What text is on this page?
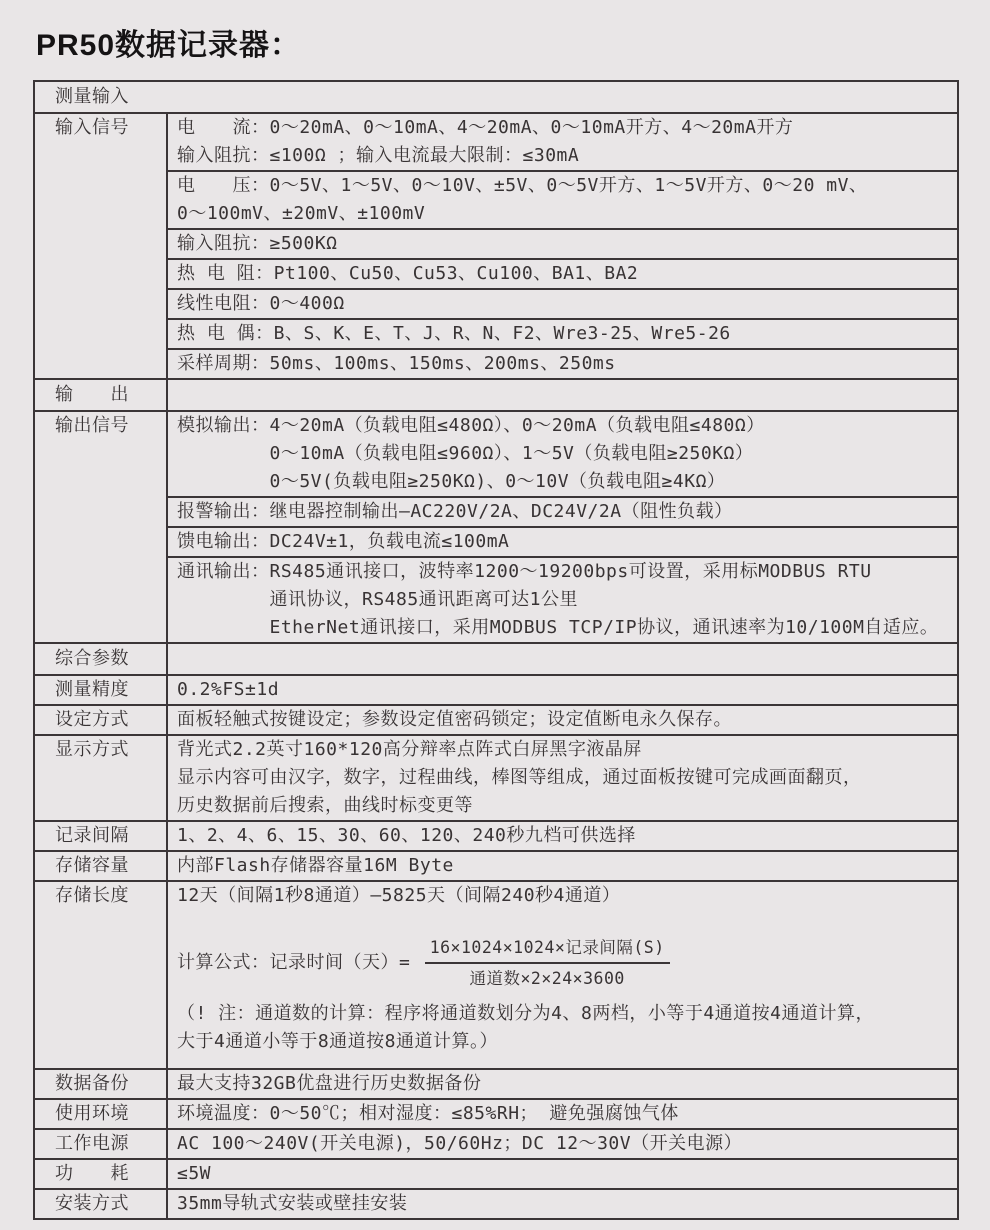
PR50数据记录器：
测量输入
输入信号	电　　流：0～20mA、0～10mA、4～20mA、0～10mA开方、4～20mA开方
输入阻抗：≤100Ω ；输入电流最大限制：≤30mA
电　　压：0～5V、1～5V、0～10V、±5V、0～5V开方、1～5V开方、0～20 mV、
0～100mV、±20mV、±100mV
输入阻抗：≥500KΩ
热 电 阻：Pt100、Cu50、Cu53、Cu100、BA1、BA2
线性电阻：0～400Ω
热 电 偶：B、S、K、E、T、J、R、N、F2、Wre3-25、Wre5-26
采样周期：50ms、100ms、150ms、200ms、250ms
输　　出
输出信号	模拟输出：4～20mA（负载电阻≤480Ω）、0～20mA（负载电阻≤480Ω）
　　　　　0～10mA（负载电阻≤960Ω）、1～5V（负载电阻≥250KΩ）
　　　　　0～5V(负载电阻≥250KΩ)、0～10V（负载电阻≥4KΩ）
报警输出：继电器控制输出—AC220V/2A、DC24V/2A（阻性负载）
馈电输出：DC24V±1，负载电流≤100mA
通讯输出：RS485通讯接口，波特率1200～19200bps可设置，采用标MODBUS RTU
　　　　　通讯协议，RS485通讯距离可达1公里
　　　　　EtherNet通讯接口，采用MODBUS TCP/IP协议，通讯速率为10/100M自适应。
综合参数
测量精度	0.2%FS±1d
设定方式	面板轻触式按键设定；参数设定值密码锁定；设定值断电永久保存。
显示方式	背光式2.2英寸160*120高分辩率点阵式白屏黑字液晶屏
显示内容可由汉字，数字，过程曲线，棒图等组成，通过面板按键可完成画面翻页，
历史数据前后搜索，曲线时标变更等
记录间隔	1、2、4、6、15、30、60、120、240秒九档可供选择
存储容量	内部Flash存储器容量16M Byte
存储长度	12天（间隔1秒8通道）—5825天（间隔240秒4通道）
计算公式：记录时间（天）= $\frac{\text{16×1024×1024×记录间隔(S)}}{\text{通道数×2×24×3600}}$
（! 注：通道数的计算：程序将通道数划分为4、8两档，小等于4通道按4通道计算，
大于4通道小等于8通道按8通道计算。）
数据备份	最大支持32GB优盘进行历史数据备份
使用环境	环境温度：0～50℃；相对湿度：≤85%RH； 避免强腐蚀气体
工作电源	AC 100～240V(开关电源)，50/60Hz；DC 12～30V（开关电源）
功　　耗	≤5W
安装方式	35mm导轨式安装或壁挂安装
